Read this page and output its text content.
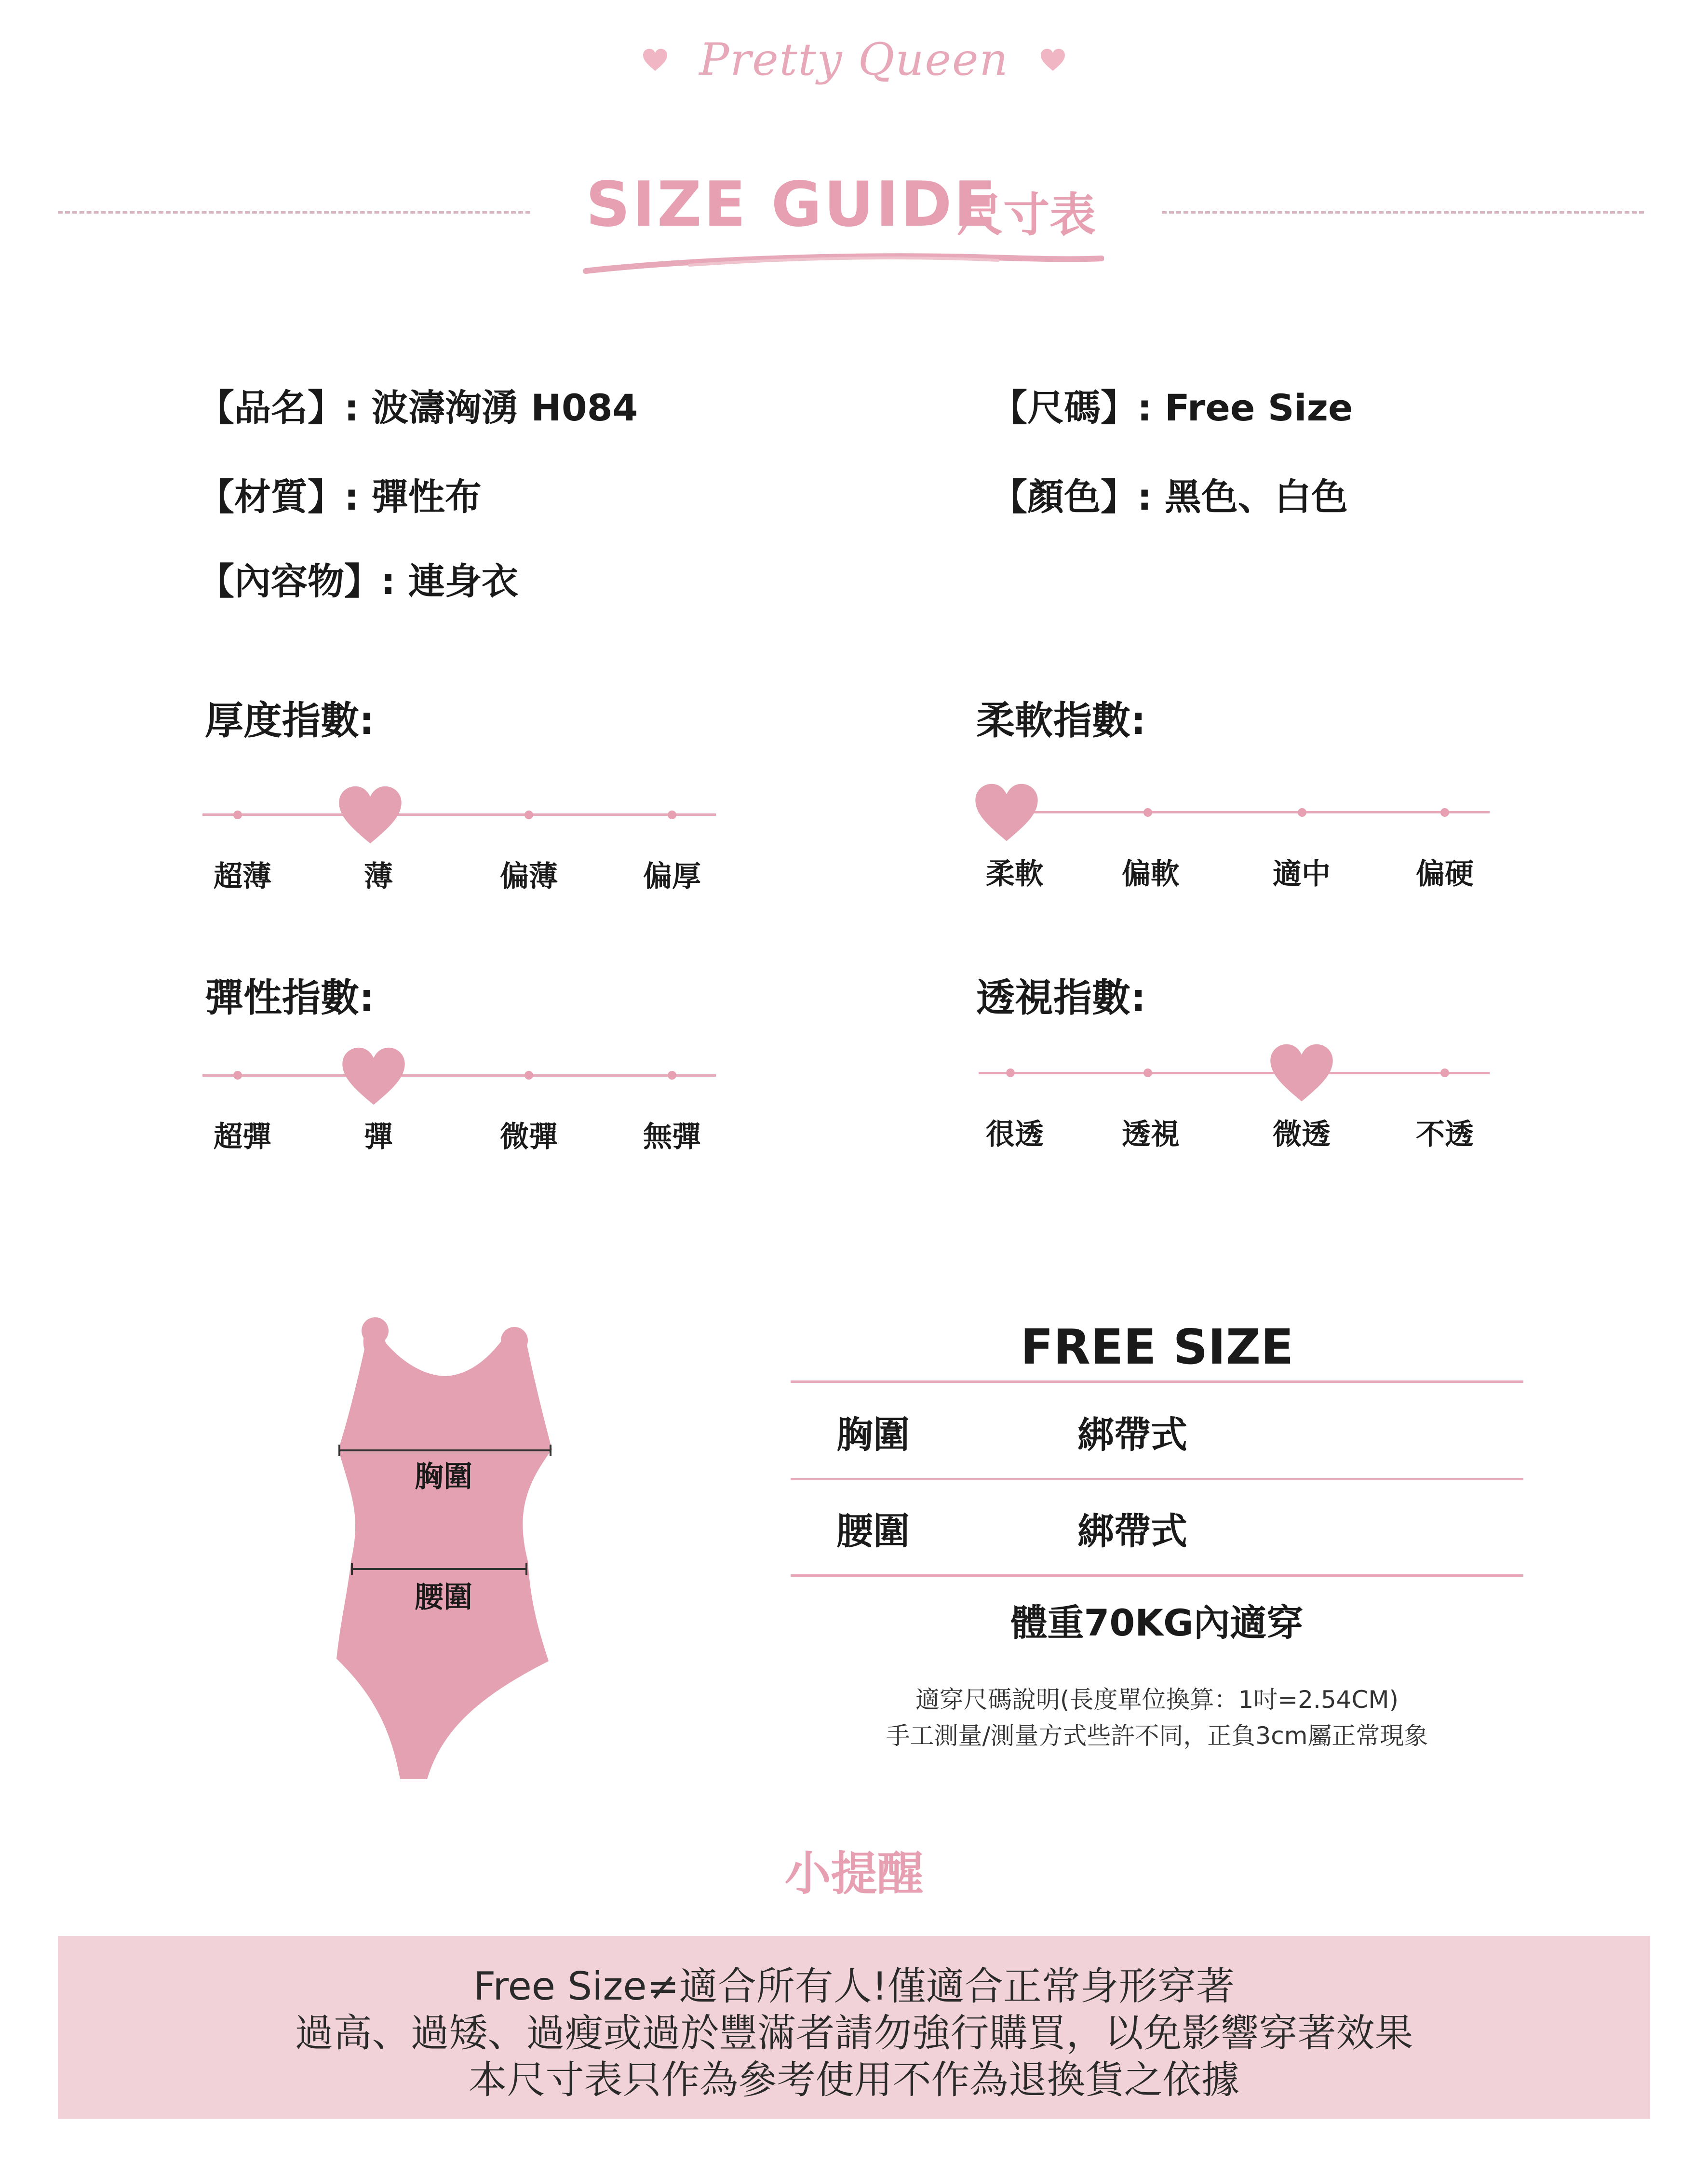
Pretty Queen
SIZE GUIDE
尺寸表
【品名】: 波濤洶湧 H084
【材質】: 彈性布
【內容物】: 連身衣
【尺碼】: Free Size
【顏色】: 黑色、白色
厚度指數:
超薄	薄	偏薄	偏厚
柔軟指數:
柔軟	偏軟	適中	偏硬
彈性指數:
超彈	彈	微彈	無彈
透視指數:
很透	透視	微透	不透
胸圍
腰圍
FREE SIZE
胸圍	綁帶式
腰圍	綁帶式
體重70KG內適穿
適穿尺碼說明(長度單位換算：1吋=2.54CM)
手工測量/測量方式些許不同，正負3cm屬正常現象
小提醒
Free Size≠適合所有人!僅適合正常身形穿著
過高、過矮、過瘦或過於豐滿者請勿強行購買，以免影響穿著效果
本尺寸表只作為參考使用不作為退換貨之依據
